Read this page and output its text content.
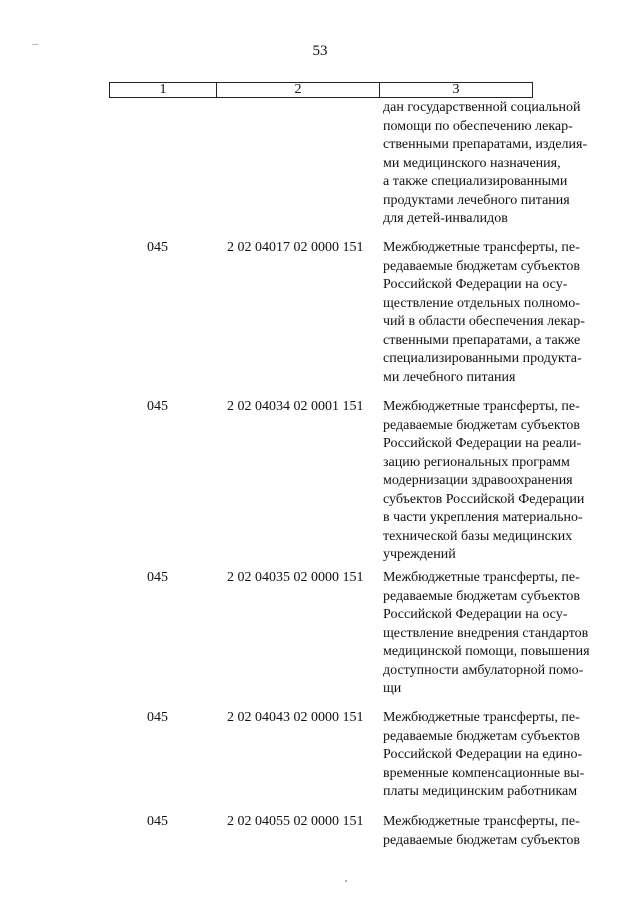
53
1	2	3
дан государственной социальной
помощи по обеспечению лекар-
ственными препаратами, изделия-
ми медицинского назначения,
а также специализированными
продуктами лечебного питания
для детей-инвалидов
045	2 02 04017 02 0000 151 Межбюджетные трансферты, пе-
редаваемые бюджетам субъектов
Российской Федерации на осу-
ществление отдельных полномо-
чий в области обеспечения лекар-
ственными препаратами, а также
специализированными продукта-
ми лечебного питания
045	2 02 04034 02 0001 151 Межбюджетные трансферты, пе-
редаваемые бюджетам субъектов
Российской Федерации на реали-
зацию региональных программ
модернизации здравоохранения
субъектов Российской Федерации
в части укрепления материально-
технической базы медицинских
учреждений
045	2 02 04035 02 0000 151 Межбюджетные трансферты, пе-
редаваемые бюджетам субъектов
Российской Федерации на осу-
ществление внедрения стандартов
медицинской помощи, повышения
доступности амбулаторной помо-
щи
045	2 02 04043 02 0000 151 Межбюджетные трансферты, пе-
редаваемые бюджетам субъектов
Российской Федерации на едино-
временные компенсационные вы-
платы медицинским работникам
045	2 02 04055 02 0000 151 Межбюджетные трансферты, пе-
редаваемые бюджетам субъектов
